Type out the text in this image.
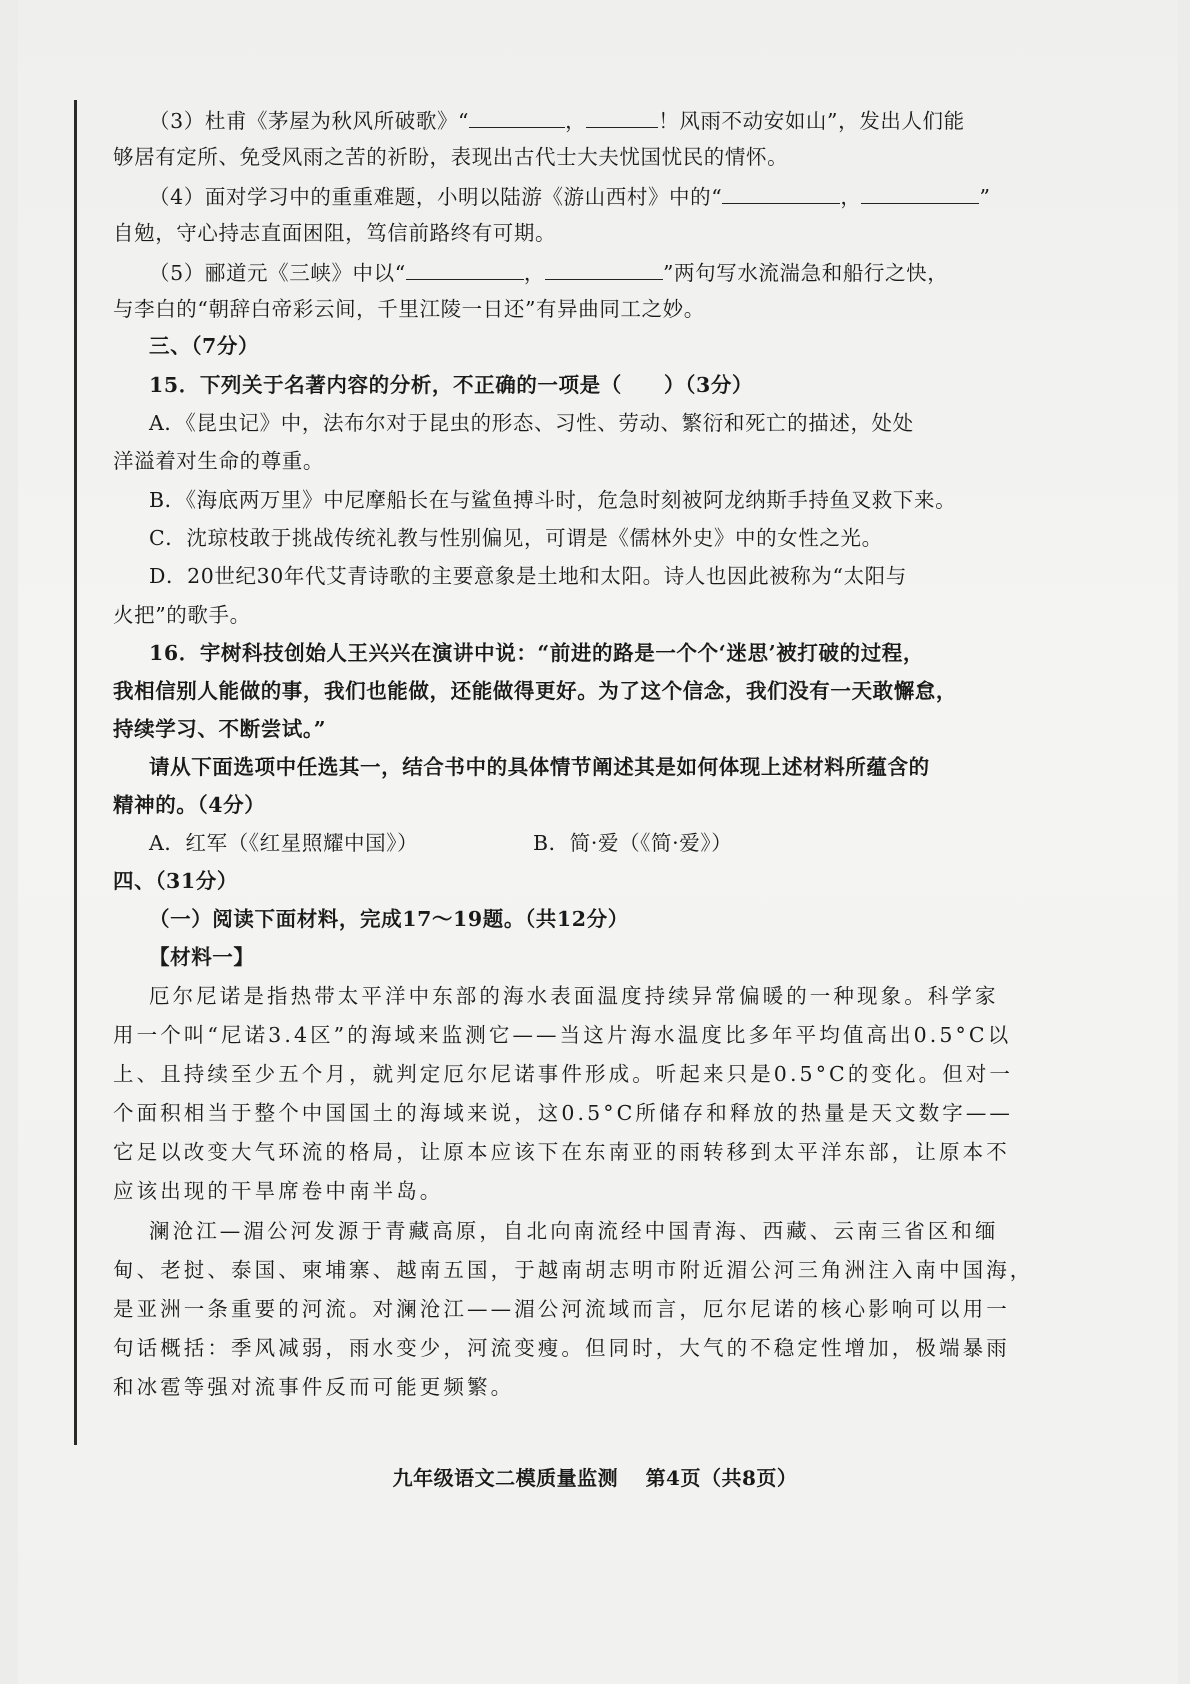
（3）杜甫《茅屋为秋风所破歌》“	，	！风雨不动安如山”，发出人们能
够居有定所、免受风雨之苦的祈盼，表现出古代士大夫忧国忧民的情怀。
（4）面对学习中的重重难题，小明以陆游《游山西村》中的“	，	”
自勉，守心持志直面困阻，笃信前路终有可期。
（5）郦道元《三峡》中以“	，	”两句写水流湍急和船行之快，
与李白的“朝辞白帝彩云间，千里江陵一日还”有异曲同工之妙。
三、（7分）
15．下列关于名著内容的分析，不正确的一项是（　　）（3分）
A．《昆虫记》中，法布尔对于昆虫的形态、习性、劳动、繁衍和死亡的描述，处处
洋溢着对生命的尊重。
B．《海底两万里》中尼摩船长在与鲨鱼搏斗时，危急时刻被阿龙纳斯手持鱼叉救下来。
C．沈琼枝敢于挑战传统礼教与性别偏见，可谓是《儒林外史》中的女性之光。
D．20世纪30年代艾青诗歌的主要意象是土地和太阳。诗人也因此被称为“太阳与
火把”的歌手。
16．宇树科技创始人王兴兴在演讲中说：“前进的路是一个个‘迷思’被打破的过程，
我相信别人能做的事，我们也能做，还能做得更好。为了这个信念，我们没有一天敢懈怠，
持续学习、不断尝试。”
请从下面选项中任选其一，结合书中的具体情节阐述其是如何体现上述材料所蕴含的
精神的。（4分）
A．红军（《红星照耀中国》）	B．简·爱（《简·爱》）
四、（31分）
（一）阅读下面材料，完成17～19题。（共12分）
【材料一】
厄尔尼诺是指热带太平洋中东部的海水表面温度持续异常偏暖的一种现象。科学家
用一个叫“尼诺3.4区”的海域来监测它——当这片海水温度比多年平均值高出0.5°C以
上、且持续至少五个月，就判定厄尔尼诺事件形成。听起来只是0.5°C的变化。但对一
个面积相当于整个中国国土的海域来说，这0.5°C所储存和释放的热量是天文数字——
它足以改变大气环流的格局，让原本应该下在东南亚的雨转移到太平洋东部，让原本不
应该出现的干旱席卷中南半岛。
澜沧江—湄公河发源于青藏高原，自北向南流经中国青海、西藏、云南三省区和缅
甸、老挝、泰国、柬埔寨、越南五国，于越南胡志明市附近湄公河三角洲注入南中国海，
是亚洲一条重要的河流。对澜沧江——湄公河流域而言，厄尔尼诺的核心影响可以用一
句话概括：季风减弱，雨水变少，河流变瘦。但同时，大气的不稳定性增加，极端暴雨
和冰雹等强对流事件反而可能更频繁。
九年级语文二模质量监测 第4页（共8页）
